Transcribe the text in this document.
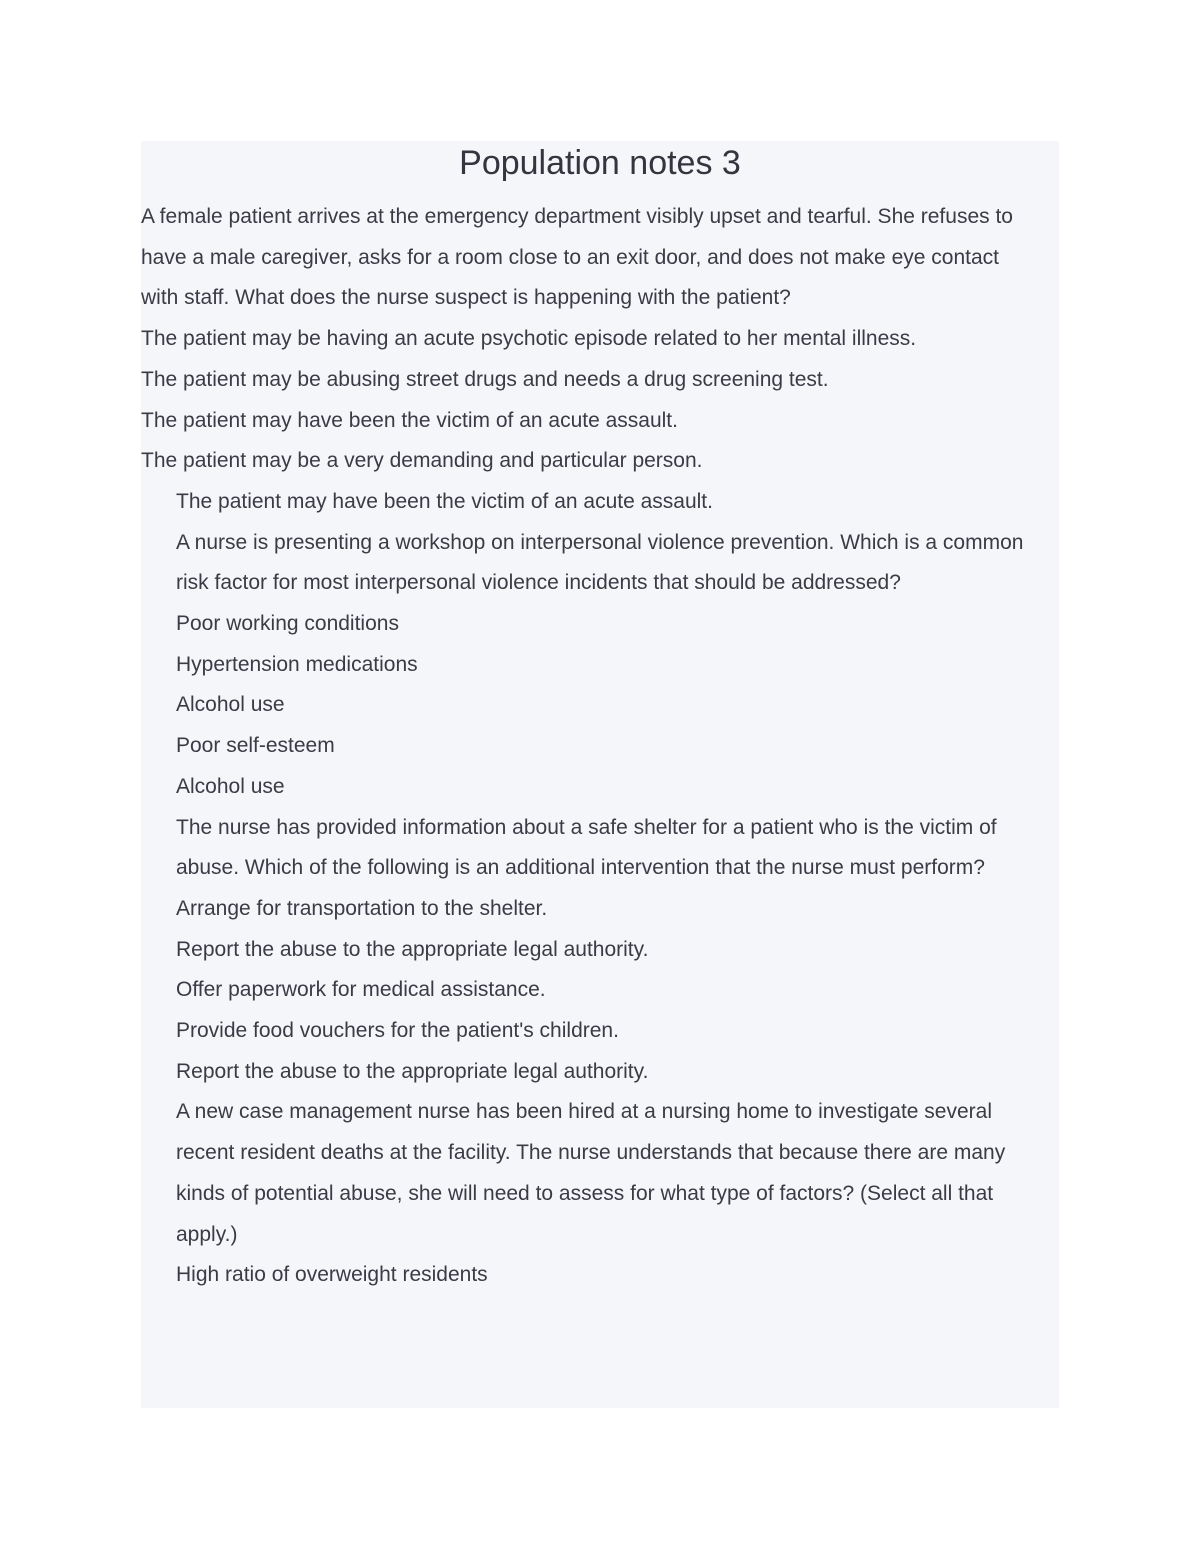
Population notes 3

A female patient arrives at the emergency department visibly upset and tearful. She refuses to have a male caregiver, asks for a room close to an exit door, and does not make eye contact with staff. What does the nurse suspect is happening with the patient?

The patient may be having an acute psychotic episode related to her mental illness.

The patient may be abusing street drugs and needs a drug screening test.

The patient may have been the victim of an acute assault.

The patient may be a very demanding and particular person.

The patient may have been the victim of an acute assault.

A nurse is presenting a workshop on interpersonal violence prevention. Which is a common risk factor for most interpersonal violence incidents that should be addressed?

Poor working conditions

Hypertension medications

Alcohol use

Poor self-esteem

Alcohol use

The nurse has provided information about a safe shelter for a patient who is the victim of abuse. Which of the following is an additional intervention that the nurse must perform?

Arrange for transportation to the shelter.

Report the abuse to the appropriate legal authority.

Offer paperwork for medical assistance.

Provide food vouchers for the patient's children.

Report the abuse to the appropriate legal authority.

A new case management nurse has been hired at a nursing home to investigate several recent resident deaths at the facility. The nurse understands that because there are many kinds of potential abuse, she will need to assess for what type of factors? (Select all that apply.)

High ratio of overweight residents
